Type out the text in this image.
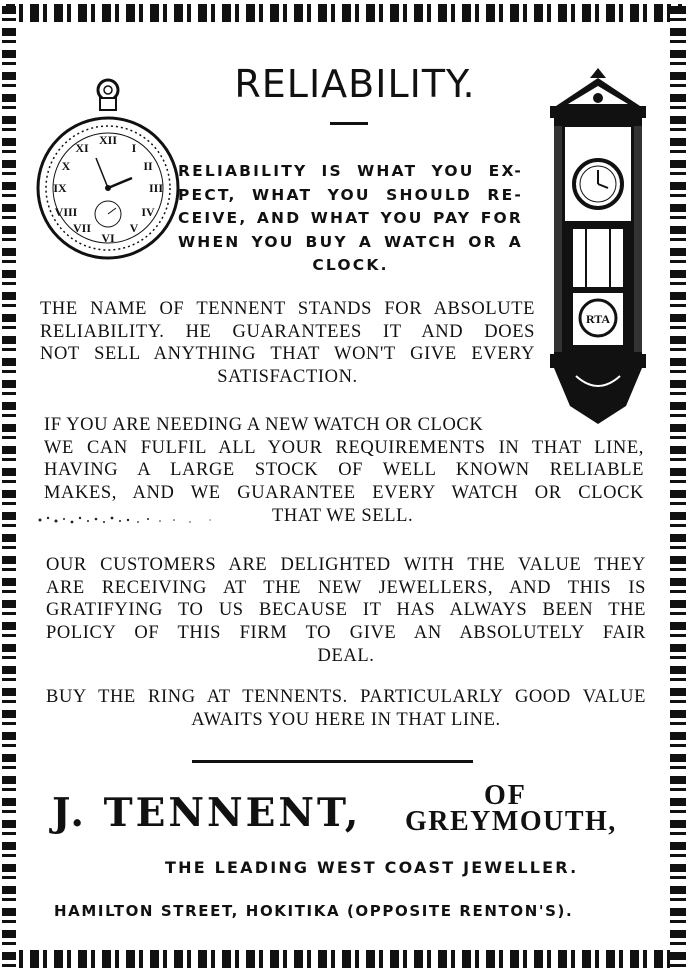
RELIABILITY.
XII
I
II
III
IV
V
VI
VII
VIII
IX
X
XI
RELIABILITY IS WHAT YOU EX-
PECT, WHAT YOU SHOULD RE-
CEIVE, AND WHAT YOU PAY FOR
WHEN YOU BUY A WATCH OR A
CLOCK.
RTA
THE NAME OF TENNENT STANDS FOR ABSOLUTE
RELIABILITY. HE GUARANTEES IT AND DOES
NOT SELL ANYTHING THAT WON'T GIVE EVERY
SATISFACTION.
IF YOU ARE NEEDING A NEW WATCH OR CLOCK
WE CAN FULFIL ALL YOUR REQUIREMENTS IN THAT LINE,
HAVING A LARGE STOCK OF WELL KNOWN RELIABLE
MAKES, AND WE GUARANTEE EVERY WATCH OR CLOCK
THAT WE SELL.
OUR CUSTOMERS ARE DELIGHTED WITH THE VALUE THEY
ARE RECEIVING AT THE NEW JEWELLERS, AND THIS IS
GRATIFYING TO US BECAUSE IT HAS ALWAYS BEEN THE
POLICY OF THIS FIRM TO GIVE AN ABSOLUTELY FAIR
DEAL.
BUY THE RING AT TENNENTS. PARTICULARLY GOOD VALUE
AWAITS YOU HERE IN THAT LINE.
J. TENNENT,	OF
GREYMOUTH,
THE LEADING WEST COAST JEWELLER.
HAMILTON STREET, HOKITIKA (OPPOSITE RENTON'S).
